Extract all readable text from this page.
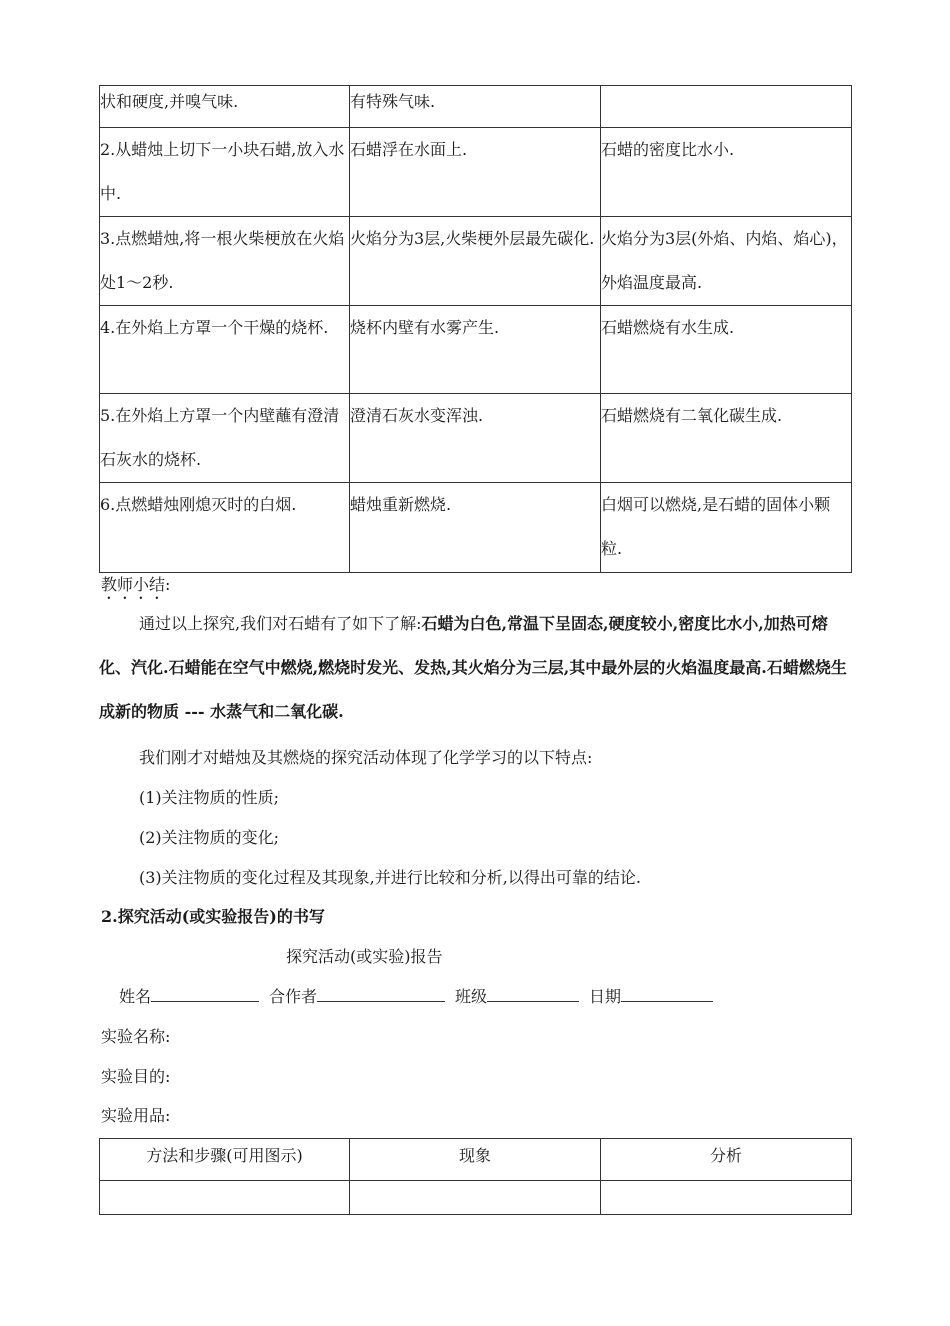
状和硬度,并嗅气味.	有特殊气味.	
2.从蜡烛上切下一小块石蜡,放入水中.	石蜡浮在水面上.	石蜡的密度比水小.
3.点燃蜡烛,将一根火柴梗放在火焰处1～2秒.	火焰分为3层,火柴梗外层最先碳化.	火焰分为3层(外焰、内焰、焰心)，外焰温度最高.
4.在外焰上方罩一个干燥的烧杯.	烧杯内壁有水雾产生.	石蜡燃烧有水生成.
5.在外焰上方罩一个内壁蘸有澄清石灰水的烧杯.	澄清石灰水变浑浊.	石蜡燃烧有二氧化碳生成.
6.点燃蜡烛刚熄灭时的白烟.	蜡烛重新燃烧.	白烟可以燃烧,是石蜡的固体小颗粒.
教师小结:
通过以上探究,我们对石蜡有了如下了解:石蜡为白色,常温下呈固态,硬度较小,密度比水小,加热可熔化、汽化.石蜡能在空气中燃烧,燃烧时发光、发热,其火焰分为三层,其中最外层的火焰温度最高.石蜡燃烧生成新的物质 --- 水蒸气和二氧化碳.
我们刚才对蜡烛及其燃烧的探究活动体现了化学学习的以下特点:
(1)关注物质的性质;
(2)关注物质的变化;
(3)关注物质的变化过程及其现象,并进行比较和分析,以得出可靠的结论.
2.探究活动(或实验报告)的书写
探究活动(或实验)报告
姓名	合作者	班级	日期
实验名称:
实验目的:
实验用品:
方法和步骤(可用图示)	现象	分析
